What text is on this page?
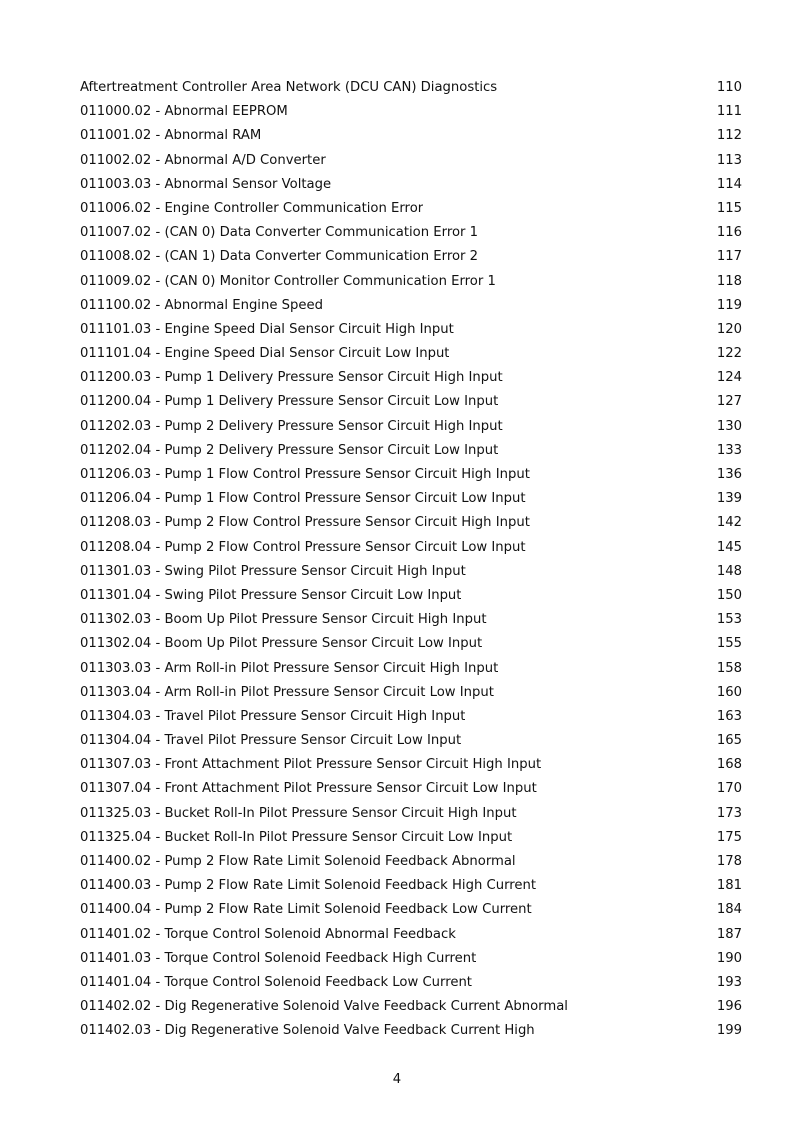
Aftertreatment Controller Area Network (DCU CAN) Diagnostics	110
011000.02 - Abnormal EEPROM	111
011001.02 - Abnormal RAM	112
011002.02 - Abnormal A/D Converter	113
011003.03 - Abnormal Sensor Voltage	114
011006.02 - Engine Controller Communication Error	115
011007.02 - (CAN 0) Data Converter Communication Error 1	116
011008.02 - (CAN 1) Data Converter Communication Error 2	117
011009.02 - (CAN 0) Monitor Controller Communication Error 1	118
011100.02 - Abnormal Engine Speed	119
011101.03 - Engine Speed Dial Sensor Circuit High Input	120
011101.04 - Engine Speed Dial Sensor Circuit Low Input	122
011200.03 - Pump 1 Delivery Pressure Sensor Circuit High Input	124
011200.04 - Pump 1 Delivery Pressure Sensor Circuit Low Input	127
011202.03 - Pump 2 Delivery Pressure Sensor Circuit High Input	130
011202.04 - Pump 2 Delivery Pressure Sensor Circuit Low Input	133
011206.03 - Pump 1 Flow Control Pressure Sensor Circuit High Input	136
011206.04 - Pump 1 Flow Control Pressure Sensor Circuit Low Input	139
011208.03 - Pump 2 Flow Control Pressure Sensor Circuit High Input	142
011208.04 - Pump 2 Flow Control Pressure Sensor Circuit Low Input	145
011301.03 - Swing Pilot Pressure Sensor Circuit High Input	148
011301.04 - Swing Pilot Pressure Sensor Circuit Low Input	150
011302.03 - Boom Up Pilot Pressure Sensor Circuit High Input	153
011302.04 - Boom Up Pilot Pressure Sensor Circuit Low Input	155
011303.03 - Arm Roll-in Pilot Pressure Sensor Circuit High Input	158
011303.04 - Arm Roll-in Pilot Pressure Sensor Circuit Low Input	160
011304.03 - Travel Pilot Pressure Sensor Circuit High Input	163
011304.04 - Travel Pilot Pressure Sensor Circuit Low Input	165
011307.03 - Front Attachment Pilot Pressure Sensor Circuit High Input	168
011307.04 - Front Attachment Pilot Pressure Sensor Circuit Low Input	170
011325.03 - Bucket Roll-In Pilot Pressure Sensor Circuit High Input	173
011325.04 - Bucket Roll-In Pilot Pressure Sensor Circuit Low Input	175
011400.02 - Pump 2 Flow Rate Limit Solenoid Feedback Abnormal	178
011400.03 - Pump 2 Flow Rate Limit Solenoid Feedback High Current	181
011400.04 - Pump 2 Flow Rate Limit Solenoid Feedback Low Current	184
011401.02 - Torque Control Solenoid Abnormal Feedback	187
011401.03 - Torque Control Solenoid Feedback High Current	190
011401.04 - Torque Control Solenoid Feedback Low Current	193
011402.02 - Dig Regenerative Solenoid Valve Feedback Current Abnormal	196
011402.03 - Dig Regenerative Solenoid Valve Feedback Current High	199
4
